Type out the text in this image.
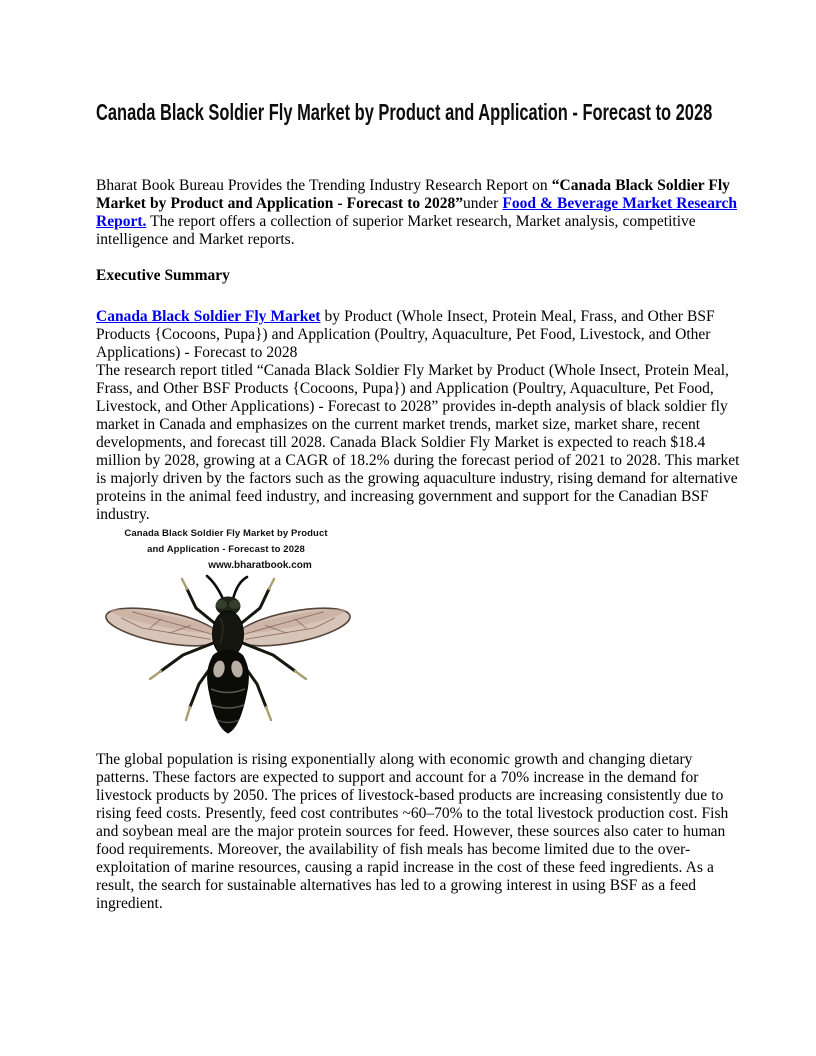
Canada Black Soldier Fly Market by Product and Application - Forecast to 2028
Bharat Book Bureau Provides the Trending Industry Research Report on “Canada Black Soldier Fly Market by Product and Application - Forecast to 2028”under Food & Beverage Market Research Report. The report offers a collection of superior Market research, Market analysis, competitive intelligence and Market reports.
Executive Summary
Canada Black Soldier Fly Market by Product (Whole Insect, Protein Meal, Frass, and Other BSF Products {Cocoons, Pupa}) and Application (Poultry, Aquaculture, Pet Food, Livestock, and Other Applications) - Forecast to 2028
The research report titled “Canada Black Soldier Fly Market by Product (Whole Insect, Protein Meal, Frass, and Other BSF Products {Cocoons, Pupa}) and Application (Poultry, Aquaculture, Pet Food, Livestock, and Other Applications) - Forecast to 2028” provides in-depth analysis of black soldier fly market in Canada and emphasizes on the current market trends, market size, market share, recent developments, and forecast till 2028. Canada Black Soldier Fly Market is expected to reach $18.4 million by 2028, growing at a CAGR of 18.2% during the forecast period of 2021 to 2028. This market is majorly driven by the factors such as the growing aquaculture industry, rising demand for alternative proteins in the animal feed industry, and increasing government and support for the Canadian BSF industry.
Canada Black Soldier Fly Market by Product
and Application - Forecast to 2028
www.bharatbook.com
The global population is rising exponentially along with economic growth and changing dietary patterns. These factors are expected to support and account for a 70% increase in the demand for livestock products by 2050. The prices of livestock-based products are increasing consistently due to rising feed costs. Presently, feed cost contributes ~60–70% to the total livestock production cost. Fish and soybean meal are the major protein sources for feed. However, these sources also cater to human food requirements. Moreover, the availability of fish meals has become limited due to the over-exploitation of marine resources, causing a rapid increase in the cost of these feed ingredients. As a result, the search for sustainable alternatives has led to a growing interest in using BSF as a feed ingredient.
